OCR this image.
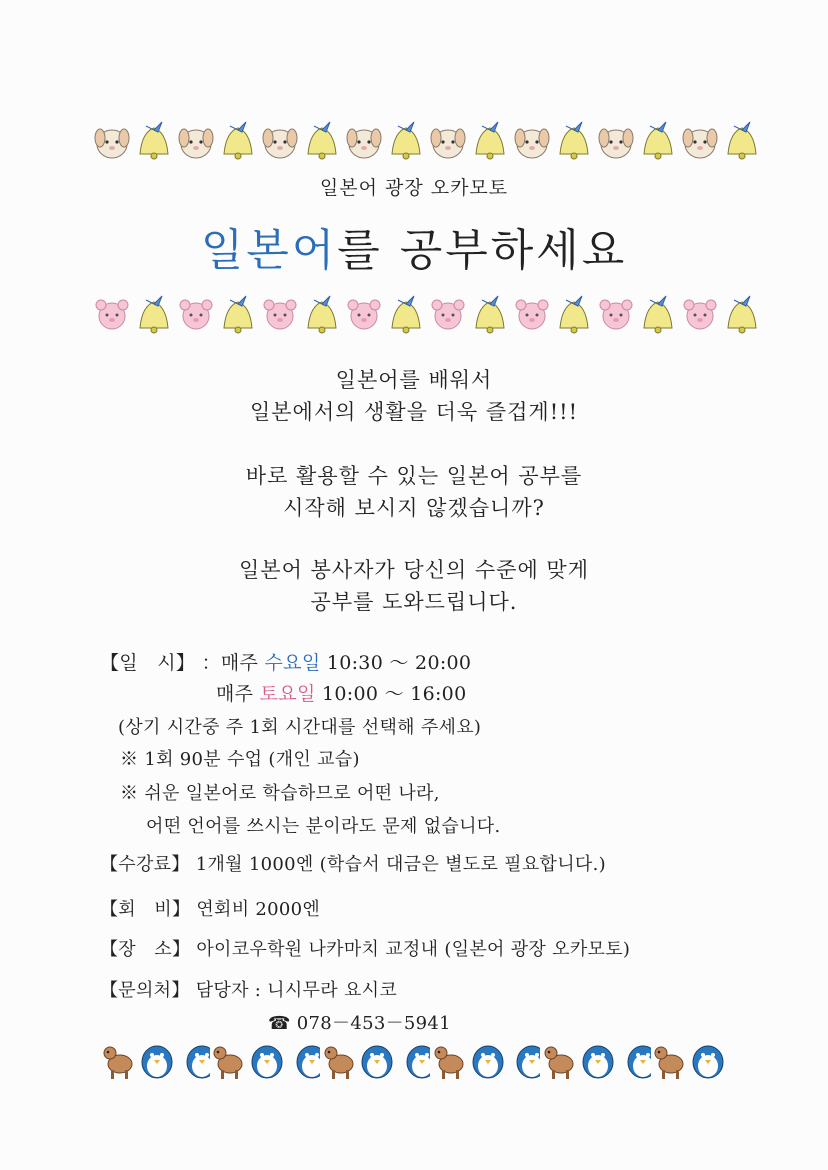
일본어 광장 오카모토
일본어를 공부하세요
일본어를 배워서
일본에서의 생활을 더욱 즐겁게!!!
바로 활용할 수 있는 일본어 공부를
시작해 보시지 않겠습니까?
일본어 봉사자가 당신의 수준에 맞게
공부를 도와드립니다.
【일　시】 ：매주 수요일 10:30 ～ 20:00
매주 토요일 10:00 ～ 16:00
(상기 시간중 주 1회 시간대를 선택해 주세요)
※ 1회 90분 수업 (개인 교습)
※ 쉬운 일본어로 학습하므로 어떤 나라,
어떤 언어를 쓰시는 분이라도 문제 없습니다.
【수강료】 1개월 1000엔 (학습서 대금은 별도로 필요합니다.)
【회　비】 연회비 2000엔
【장　소】 아이코우학원 나카마치 교정내 (일본어 광장 오카모토)
【문의처】 담당자 : 니시무라 요시코
☎ 078－453－5941
